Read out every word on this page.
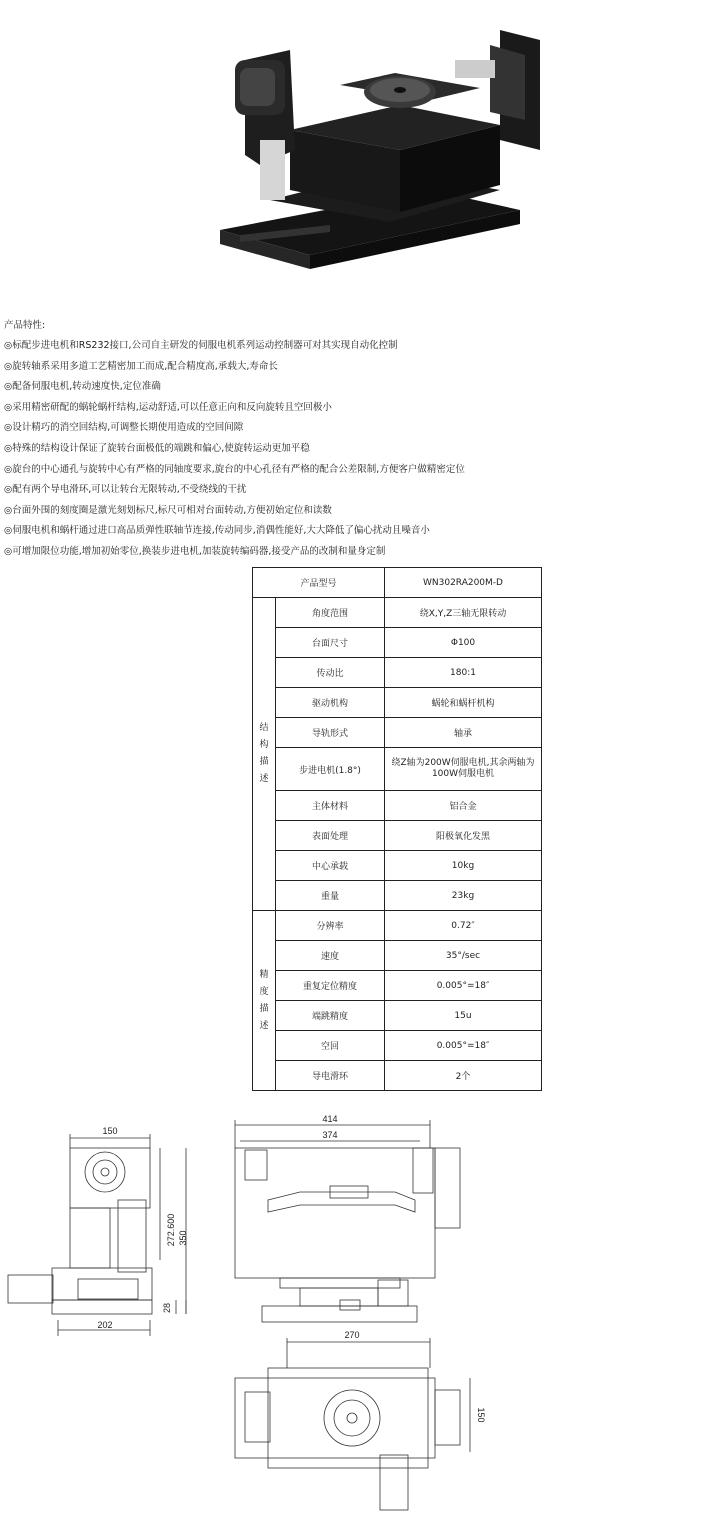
产品特性:
◎标配步进电机和RS232接口,公司自主研发的伺服电机系列运动控制器可对其实现自动化控制
◎旋转轴系采用多道工艺精密加工而成,配合精度高,承载大,寿命长
◎配备伺服电机,转动速度快,定位准确
◎采用精密研配的蜗轮蜗杆结构,运动舒适,可以任意正向和反向旋转且空回极小
◎设计精巧的消空回结构,可调整长期使用造成的空回间隙
◎特殊的结构设计保证了旋转台面极低的端跳和偏心,使旋转运动更加平稳
◎旋台的中心通孔与旋转中心有严格的同轴度要求,旋台的中心孔径有严格的配合公差限制,方便客户做精密定位
◎配有两个导电滑环,可以让转台无限转动,不受绕线的干扰
◎台面外围的刻度圈是激光刻划标尺,标尺可相对台面转动,方便初始定位和读数
◎伺服电机和蜗杆通过进口高品质弹性联轴节连接,传动同步,消偶性能好,大大降低了偏心扰动且噪音小
◎可增加限位功能,增加初始零位,换装步进电机,加装旋转编码器,接受产品的改制和量身定制
产品型号		WN302RA200M-D

结构描述	角度范围	绕X,Y,Z三轴无限转动
	台面尺寸	Φ100
	传动比	180:1
	驱动机构	蜗轮和蜗杆机构
	导轨形式	轴承
	步进电机(1.8°)	绕Z轴为200W伺服电机,其余两轴为100W伺服电机
	主体材料	铝合金
	表面处理	阳极氧化发黑
	中心承载	10kg
	重量	23kg

精度描述	分辨率	0.72″
	速度	35°/sec
	重复定位精度	0.005°=18″
	端跳精度	15u
	空回	0.005°=18″
	导电滑环	2个
150
202
272.600 350
28
414
374
270
150
